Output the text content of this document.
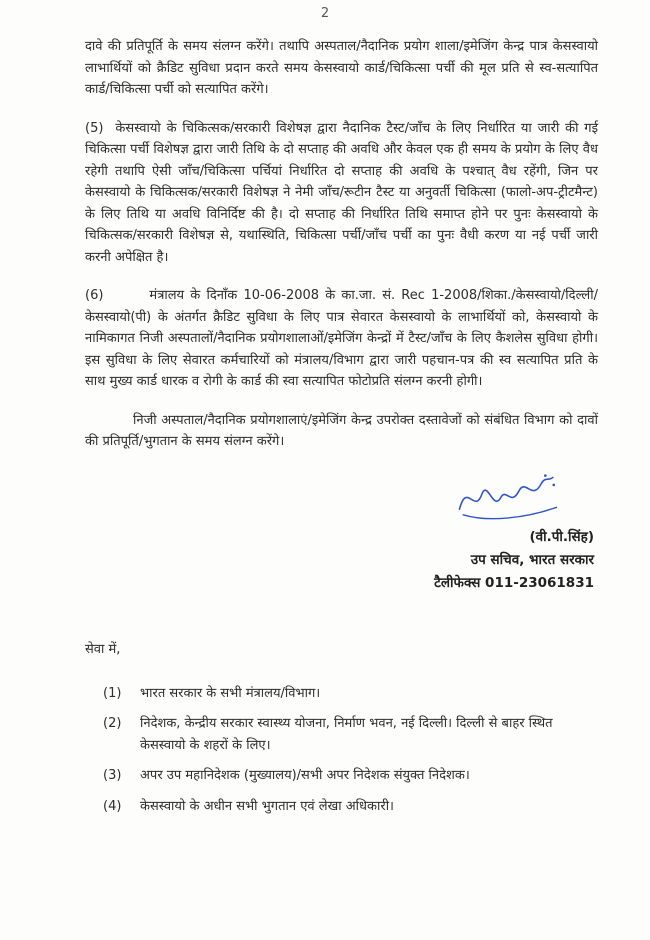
2
दावे की प्रतिपूर्ति के समय संलग्न करेंगे। तथापि अस्पताल/नैदानिक प्रयोग शाला/इमेजिंग केन्द्र पात्र केसस्वायो लाभार्थियों को क्रैडिट सुविधा प्रदान करते समय केसस्वायो कार्ड/चिकित्सा पर्ची की मूल प्रति से स्व-सत्यापित कार्ड/चिकित्सा पर्ची को सत्यापित करेंगे।
(5) केसस्वायो के चिकित्सक/सरकारी विशेषज्ञ द्वारा नैदानिक टैस्ट/जाँच के लिए निर्धारित या जारी की गई चिकित्सा पर्ची विशेषज्ञ द्वारा जारी तिथि के दो सप्ताह की अवधि और केवल एक ही समय के प्रयोग के लिए वैध रहेगी तथापि ऐसी जाँच/चिकित्सा पर्चियां निर्धारित दो सप्ताह की अवधि के पश्चात् वैध रहेंगी, जिन पर केसस्वायो के चिकित्सक/सरकारी विशेषज्ञ ने नेमी जाँच/रूटीन टैस्ट या अनुवर्ती चिकित्सा (फालो-अप-ट्रीटमैन्ट) के लिए तिथि या अवधि विनिर्दिष्ट की है। दो सप्ताह की निर्धारित तिथि समाप्त होने पर पुनः केसस्वायो के चिकित्सक/सरकारी विशेषज्ञ से, यथास्थिति, चिकित्सा पर्ची/जाँच पर्ची का पुनः वैधी करण या नई पर्ची जारी करनी अपेक्षित है।
(6)	मंत्रालय के दिनाँक 10-06-2008 के का.जा. सं. Rec 1-2008/शिका./केसस्वायो/दिल्ली/केसस्वायो(पी) के अंतर्गत क्रैडिट सुविधा के लिए पात्र सेवारत केसस्वायो के लाभार्थियों को, केसस्वायो के नामिकागत निजी अस्पतालों/नैदानिक प्रयोगशालाओं/इमेजिंग केन्द्रों में टैस्ट/जाँच के लिए कैशलेस सुविधा होगी। इस सुविधा के लिए सेवारत कर्मचारियों को मंत्रालय/विभाग द्वारा जारी पहचान-पत्र की स्व सत्यापित प्रति के साथ मुख्य कार्ड धारक व रोगी के कार्ड की स्वा सत्यापित फोटोप्रति संलग्न करनी होगी।
निजी अस्पताल/नैदानिक प्रयोगशालाएं/इमेजिंग केन्द्र उपरोक्त दस्तावेजों को संबंधित विभाग को दावों की प्रतिपूर्ति/भुगतान के समय संलग्न करेंगे।
(वी.पी.सिंह)
उप सचिव, भारत सरकार
टैलीफेक्स 011-23061831
सेवा में,
(1)	भारत सरकार के सभी मंत्रालय/विभाग।
(2)	निदेशक, केन्द्रीय सरकार स्वास्थ्य योजना, निर्माण भवन, नई दिल्ली। दिल्ली से बाहर स्थित केसस्वायो के शहरों के लिए।
(3)	अपर उप महानिदेशक (मुख्यालय)/सभी अपर निदेशक संयुक्त निदेशक।
(4)	केसस्वायो के अधीन सभी भुगतान एवं लेखा अधिकारी।
